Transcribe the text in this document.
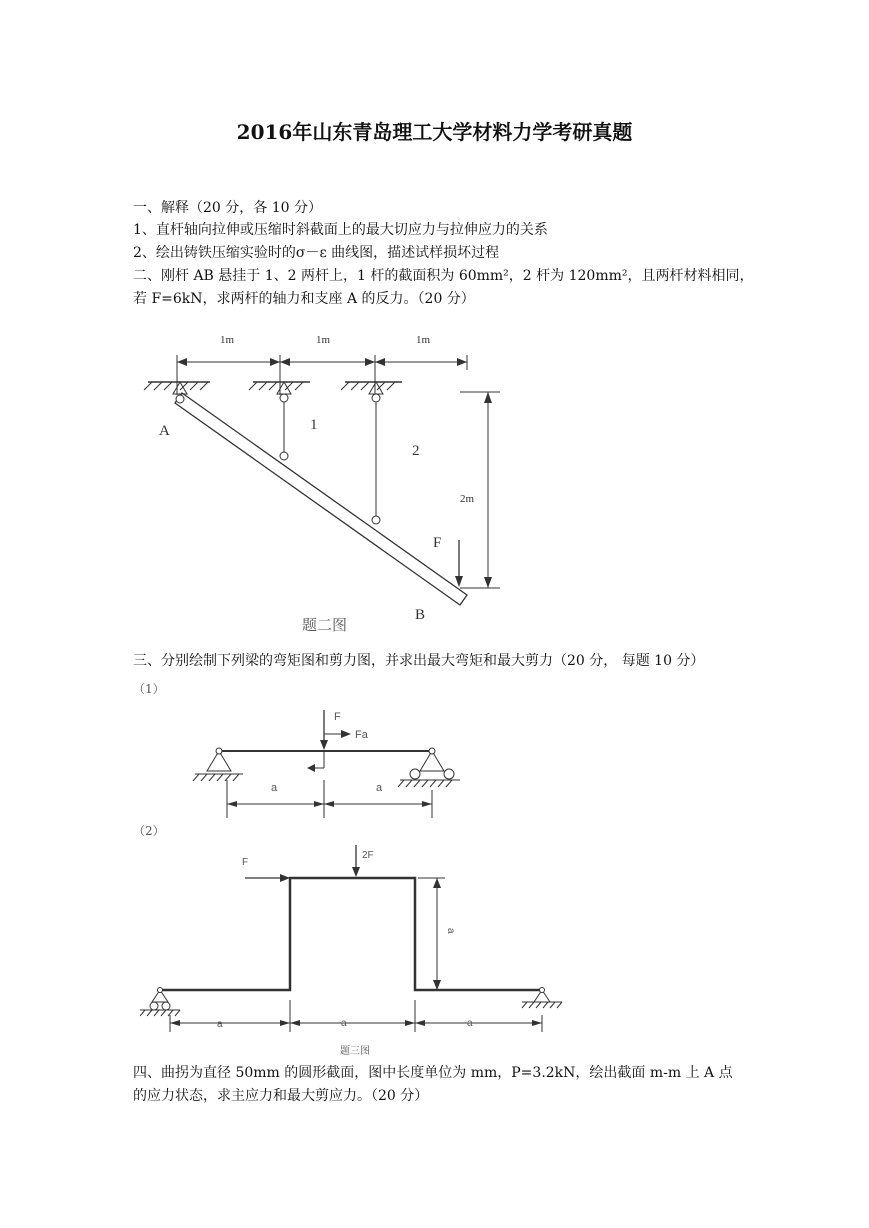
2016年山东青岛理工大学材料力学考研真题
一、解释（20 分，各 10 分）
1、直杆轴向拉伸或压缩时斜截面上的最大切应力与拉伸应力的关系
2、绘出铸铁压缩实验时的σ－ε 曲线图，描述试样损坏过程
二、刚杆 AB 悬挂于 1、2 两杆上，1 杆的截面积为 60mm²，2 杆为 120mm²，且两杆材料相同，
若 F=6kN，求两杆的轴力和支座 A 的反力。（20 分）
1m	1m	1m
A	1
2
2m
F
B
题二图
三、分别绘制下列梁的弯矩图和剪力图，并求出最大弯矩和最大剪力（20 分， 每题 10 分）
（1）
F
Fa
a	a
（2）
F
2F
a
a	a	a
题三图
四、曲拐为直径 50mm 的圆形截面，图中长度单位为 mm，P=3.2kN，绘出截面 m-m 上 A 点
的应力状态，求主应力和最大剪应力。（20 分）
